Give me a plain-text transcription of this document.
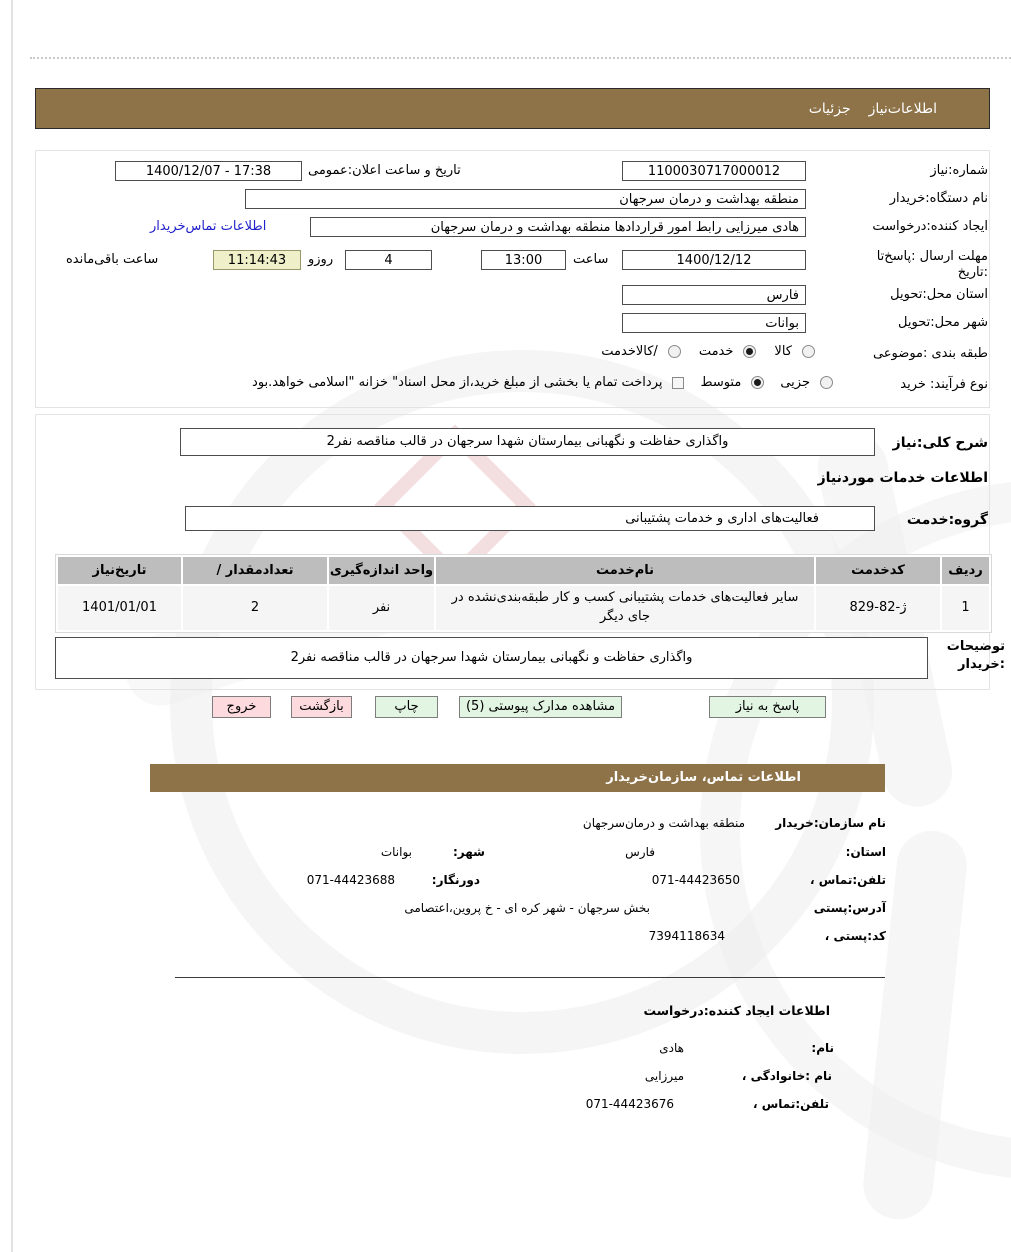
اطلاعات‌نیاز
جزئیات
شماره:نیاز
1100030717000012
تاریخ و ساعت اعلان:عمومی
1400/12/07 - 17:38
نام دستگاه:خریدار
منطقه بهداشت و درمان سرجهان
ایجاد کننده:درخواست
هادی میرزایی رابط امور قراردادها منطقه بهداشت و درمان سرجهان
اطلاعات تماس‌خریدار
مهلت ارسال :پاسخ‌تا
:تاریخ
1400/12/12
ساعت
13:00
4
روزو
11:14:43
ساعت باقی‌مانده
استان محل:تحویل
فارس
شهر محل:تحویل
بوانات
طبقه بندی :موضوعی
کالا
خدمت
/کالاخدمت
نوع فرآیند: خرید
جزیی
متوسط
پرداخت تمام یا بخشی از مبلغ خرید،از محل اسناد" خزانه "اسلامی خواهد.بود
شرح کلی:نیاز
واگذاری حفاظت و نگهبانی بیمارستان شهدا سرجهان در قالب مناقصه نفر2
اطلاعات خدمات موردنیاز
گروه:خدمت
فعالیت‌های اداری و خدمات پشتیبانی
ردیف
کدخدمت
نام‌خدمت
واحد اندازه‌گیری
تعدادمقدار /
تاریخ‌نیاز
1
829-82-ژ
سایر فعالیت‌های خدمات پشتیبانی کسب و کار طبقه‌بندی‌نشده در جای دیگر
نفر
2
1401/01/01
توضیحات
:خریدار
واگذاری حفاظت و نگهبانی بیمارستان شهدا سرجهان در قالب مناقصه نفر2
پاسخ به نیاز
مشاهده مدارک پیوستی (5)
چاپ
بازگشت
خروج
اطلاعات تماس، سازمان‌خریدار
نام سازمان:خریدار
منطقه بهداشت و درمان‌سرجهان
استان:
فارس
شهر:
بوانات
تلفن:تماس ،
071-44423650
دورنگار:
071-44423688
آدرس:پستی
بخش سرجهان - شهر کره ای - خ پروین،اعتصامی
کد:پستی ،
7394118634
اطلاعات ایجاد کننده:درخواست
نام:
هادی
نام :خانوادگی ،
میرزایی
تلفن:تماس ،
071-44423676
